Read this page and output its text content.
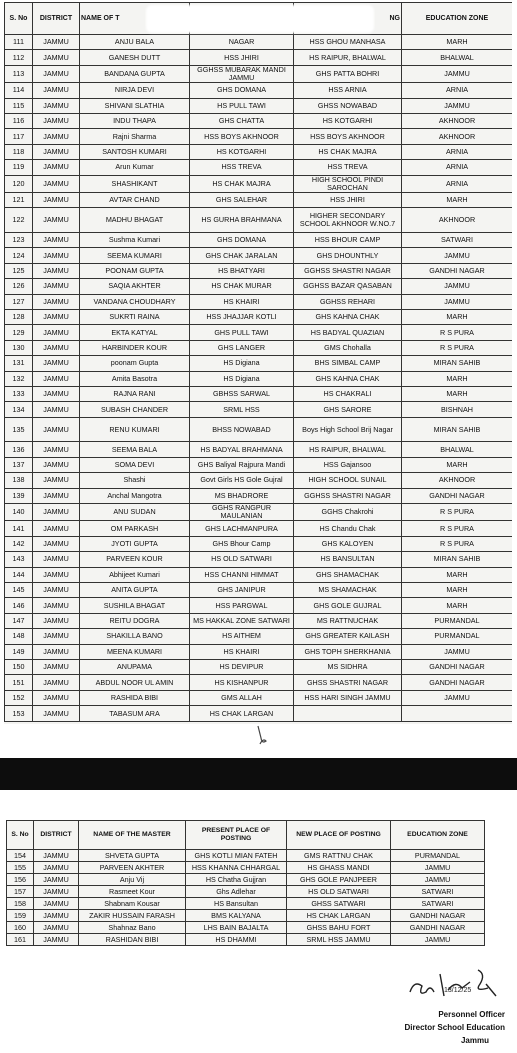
S. No	DISTRICT	NAME OF T		NG	EDUCATION ZONE
111	JAMMU	ANJU BALA	NAGAR	HSS GHOU MANHASA	MARH
112	JAMMU	GANESH DUTT	HSS JHIRI	HS RAIPUR, BHALWAL	BHALWAL
113	JAMMU	BANDANA GUPTA	GGHSS MUBARAK MANDI JAMMU	GHS PATTA BOHRI	JAMMU
114	JAMMU	NIRJA DEVI	GHS DOMANA	HSS ARNIA	ARNIA
115	JAMMU	SHIVANI SLATHIA	HS PULL TAWI	GHSS NOWABAD	JAMMU
116	JAMMU	INDU THAPA	GHS CHATTA	HS KOTGARHI	AKHNOOR
117	JAMMU	Rajni Sharma	HSS BOYS AKHNOOR	HSS BOYS AKHNOOR	AKHNOOR
118	JAMMU	SANTOSH KUMARI	HS KOTGARHI	HS CHAK MAJRA	ARNIA
119	JAMMU	Arun Kumar	HSS TREVA	HSS TREVA	ARNIA
120	JAMMU	SHASHIKANT	HS CHAK MAJRA	HIGH SCHOOL PINDI SAROCHAN	ARNIA
121	JAMMU	AVTAR CHAND	GHS SALEHAR	HSS JHIRI	MARH
122	JAMMU	MADHU BHAGAT	HS GURHA BRAHMANA	HIGHER SECONDARY SCHOOL AKHNOOR W.NO.7	AKHNOOR
123	JAMMU	Sushma Kumari	GHS DOMANA	HSS BHOUR CAMP	SATWARI
124	JAMMU	SEEMA KUMARI	GHS CHAK JARALAN	GHS DHOUNTHLY	JAMMU
125	JAMMU	POONAM GUPTA	HS BHATYARI	GGHSS SHASTRI NAGAR	GANDHI NAGAR
126	JAMMU	SAQIA AKHTER	HS CHAK MURAR	GGHSS BAZAR QASABAN	JAMMU
127	JAMMU	VANDANA CHOUDHARY	HS KHAIRI	GGHSS REHARI	JAMMU
128	JAMMU	SUKRTI RAINA	HSS JHAJJAR KOTLI	GHS KAHNA CHAK	MARH
129	JAMMU	EKTA KATYAL	GHS PULL TAWI	HS BADYAL QUAZIAN	R S PURA
130	JAMMU	HARBINDER KOUR	GHS LANGER	GMS Chohalla	R S PURA
131	JAMMU	poonam Gupta	HS Digiana	BHS SIMBAL CAMP	MIRAN SAHIB
132	JAMMU	Amita Basotra	HS Digiana	GHS KAHNA CHAK	MARH
133	JAMMU	RAJNA RANI	GBHSS SARWAL	HS CHAKRALI	MARH
134	JAMMU	SUBASH CHANDER	SRML HSS	GHS SARORE	BISHNAH
135	JAMMU	RENU KUMARI	BHSS NOWABAD	Boys High School Brij Nagar	MIRAN SAHIB
136	JAMMU	SEEMA BALA	HS BADYAL BRAHMANA	HS RAIPUR, BHALWAL	BHALWAL
137	JAMMU	SOMA DEVI	GHS Baliyal Rajpura Mandi	HSS Gajansoo	MARH
138	JAMMU	Shashi	Govt Girls HS Gole Gujral	HIGH SCHOOL SUNAIL	AKHNOOR
139	JAMMU	Anchal Mangotra	MS BHADRORE	GGHSS SHASTRI NAGAR	GANDHI NAGAR
140	JAMMU	ANU SUDAN	GGHS RANGPUR MAULANIAN	GGHS Chakrohi	R S PURA
141	JAMMU	OM PARKASH	GHS LACHMANPURA	HS Chandu Chak	R S PURA
142	JAMMU	JYOTI GUPTA	GHS Bhour Camp	GHS KALOYEN	R S PURA
143	JAMMU	PARVEEN KOUR	HS OLD SATWARI	HS BANSULTAN	MIRAN SAHIB
144	JAMMU	Abhijeet Kumari	HSS CHANNI HIMMAT	GHS SHAMACHAK	MARH
145	JAMMU	ANITA GUPTA	GHS JANIPUR	MS SHAMACHAK	MARH
146	JAMMU	SUSHILA BHAGAT	HSS PARGWAL	GHS GOLE GUJRAL	MARH
147	JAMMU	REITU DOGRA	MS HAKKAL ZONE SATWARI	MS RATTNUCHAK	PURMANDAL
148	JAMMU	SHAKILLA BANO	HS AITHEM	GHS GREATER KAILASH	PURMANDAL
149	JAMMU	MEENA KUMARI	HS KHAIRI	GHS TOPH SHERKHANIA	JAMMU
150	JAMMU	ANUPAMA	HS DEVIPUR	MS SIDHRA	GANDHI NAGAR
151	JAMMU	ABDUL NOOR UL AMIN	HS KISHANPUR	GHSS SHASTRI NAGAR	GANDHI NAGAR
152	JAMMU	RASHIDA BIBI	GMS ALLAH	HSS HARI SINGH JAMMU	JAMMU
153	JAMMU	TABASUM ARA	HS CHAK LARGAN		
S. No	DISTRICT	NAME OF THE MASTER	PRESENT PLACE OF POSTING	NEW PLACE OF POSTING	EDUCATION ZONE
154	JAMMU	SHVETA GUPTA	GHS KOTLI MIAN FATEH	GMS RATTNU CHAK	PURMANDAL
155	JAMMU	PARVEEN AKHTER	HSS KHANNA CHHARGAL	HS GHASS MANDI	JAMMU
156	JAMMU	Anju Vij	HS Chatha Gujjran	GHS GOLE PANJPEER	JAMMU
157	JAMMU	Rasmeet Kour	Ghs Adlehar	HS OLD SATWARI	SATWARI
158	JAMMU	Shabnam Kousar	HS Bansultan	GHSS SATWARI	SATWARI
159	JAMMU	ZAKIR HUSSAIN FARASH	BMS KALYANA	HS CHAK LARGAN	GANDHI NAGAR
160	JAMMU	Shahnaz Bano	LHS BAIN BAJALTA	GHSS BAHU FORT	GANDHI NAGAR
161	JAMMU	RASHIDAN BIBI	HS DHAMMI	SRML HSS JAMMU	JAMMU
13/12/25
Personnel Officer
Director School Education
Jammu
